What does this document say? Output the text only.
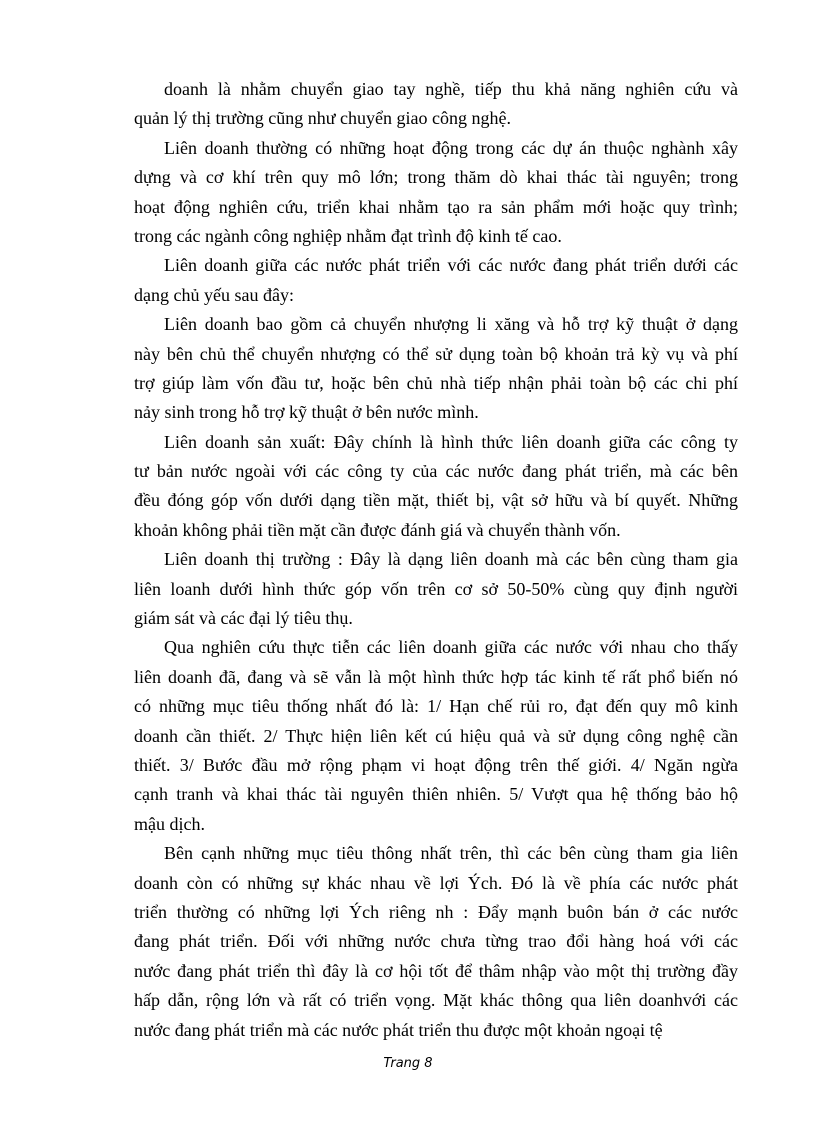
doanh là nhằm chuyển giao tay nghề, tiếp thu khả năng nghiên cứu và
quản lý thị trường cũng như chuyển giao công nghệ.
Liên doanh thường có những hoạt động trong các dự án thuộc nghành xây
dựng và cơ khí trên quy mô lớn; trong thăm dò khai thác tài nguyên; trong
hoạt động nghiên cứu, triển khai nhằm tạo ra sản phẩm mới hoặc quy trình;
trong các ngành công nghiệp nhằm đạt trình độ kinh tế cao.
Liên doanh giữa các nước phát triển với các nước đang phát triển dưới các
dạng chủ yếu sau đây:
Liên doanh bao gồm cả chuyển nhượng li xăng và hỗ trợ kỹ thuật ở dạng
này bên chủ thể chuyển nhượng có thể sử dụng toàn bộ khoản trả kỳ vụ và phí
trợ giúp làm vốn đầu tư, hoặc bên chủ nhà tiếp nhận phải toàn bộ các chi phí
nảy sinh trong hỗ trợ kỹ thuật ở bên nước mình.
Liên doanh sản xuất: Đây chính là hình thức liên doanh giữa các công ty
tư bản nước ngoài với các công ty của các nước đang phát triển, mà các bên
đều đóng góp vốn dưới dạng tiền mặt, thiết bị, vật sở hữu và bí quyết. Những
khoản không phải tiền mặt cần được đánh giá và chuyển thành vốn.
Liên doanh thị trường : Đây là dạng liên doanh mà các bên cùng tham gia
liên loanh dưới hình thức góp vốn trên cơ sở 50-50% cùng quy định người
giám sát và các đại lý tiêu thụ.
Qua nghiên cứu thực tiễn các liên doanh giữa các nước với nhau cho thấy
liên doanh đã, đang và sẽ vẫn là một hình thức hợp tác kinh tế rất phổ biến nó
có những mục tiêu thống nhất đó là: 1/ Hạn chế rủi ro, đạt đến quy mô kinh
doanh cần thiết. 2/ Thực hiện liên kết cú hiệu quả và sử dụng công nghệ cần
thiết. 3/ Bước đầu mở rộng phạm vi hoạt động trên thế giới. 4/ Ngăn ngừa
cạnh tranh và khai thác tài nguyên thiên nhiên. 5/ Vượt qua hệ thống bảo hộ
mậu dịch.
Bên cạnh những mục tiêu thông nhất trên, thì các bên cùng tham gia liên
doanh còn có những sự khác nhau về lợi Ých. Đó là về phía các nước phát
triển thường có những lợi Ých riêng nh : Đẩy mạnh buôn bán ở các nước
đang phát triển. Đối với những nước chưa từng trao đổi hàng hoá với các
nước đang phát triển thì đây là cơ hội tốt để thâm nhập vào một thị trường đầy
hấp dẫn, rộng lớn và rất có triển vọng. Mặt khác thông qua liên doanhvới các
nước đang phát triển mà các nước phát triển thu được một khoản ngoại tệ
Trang 8
